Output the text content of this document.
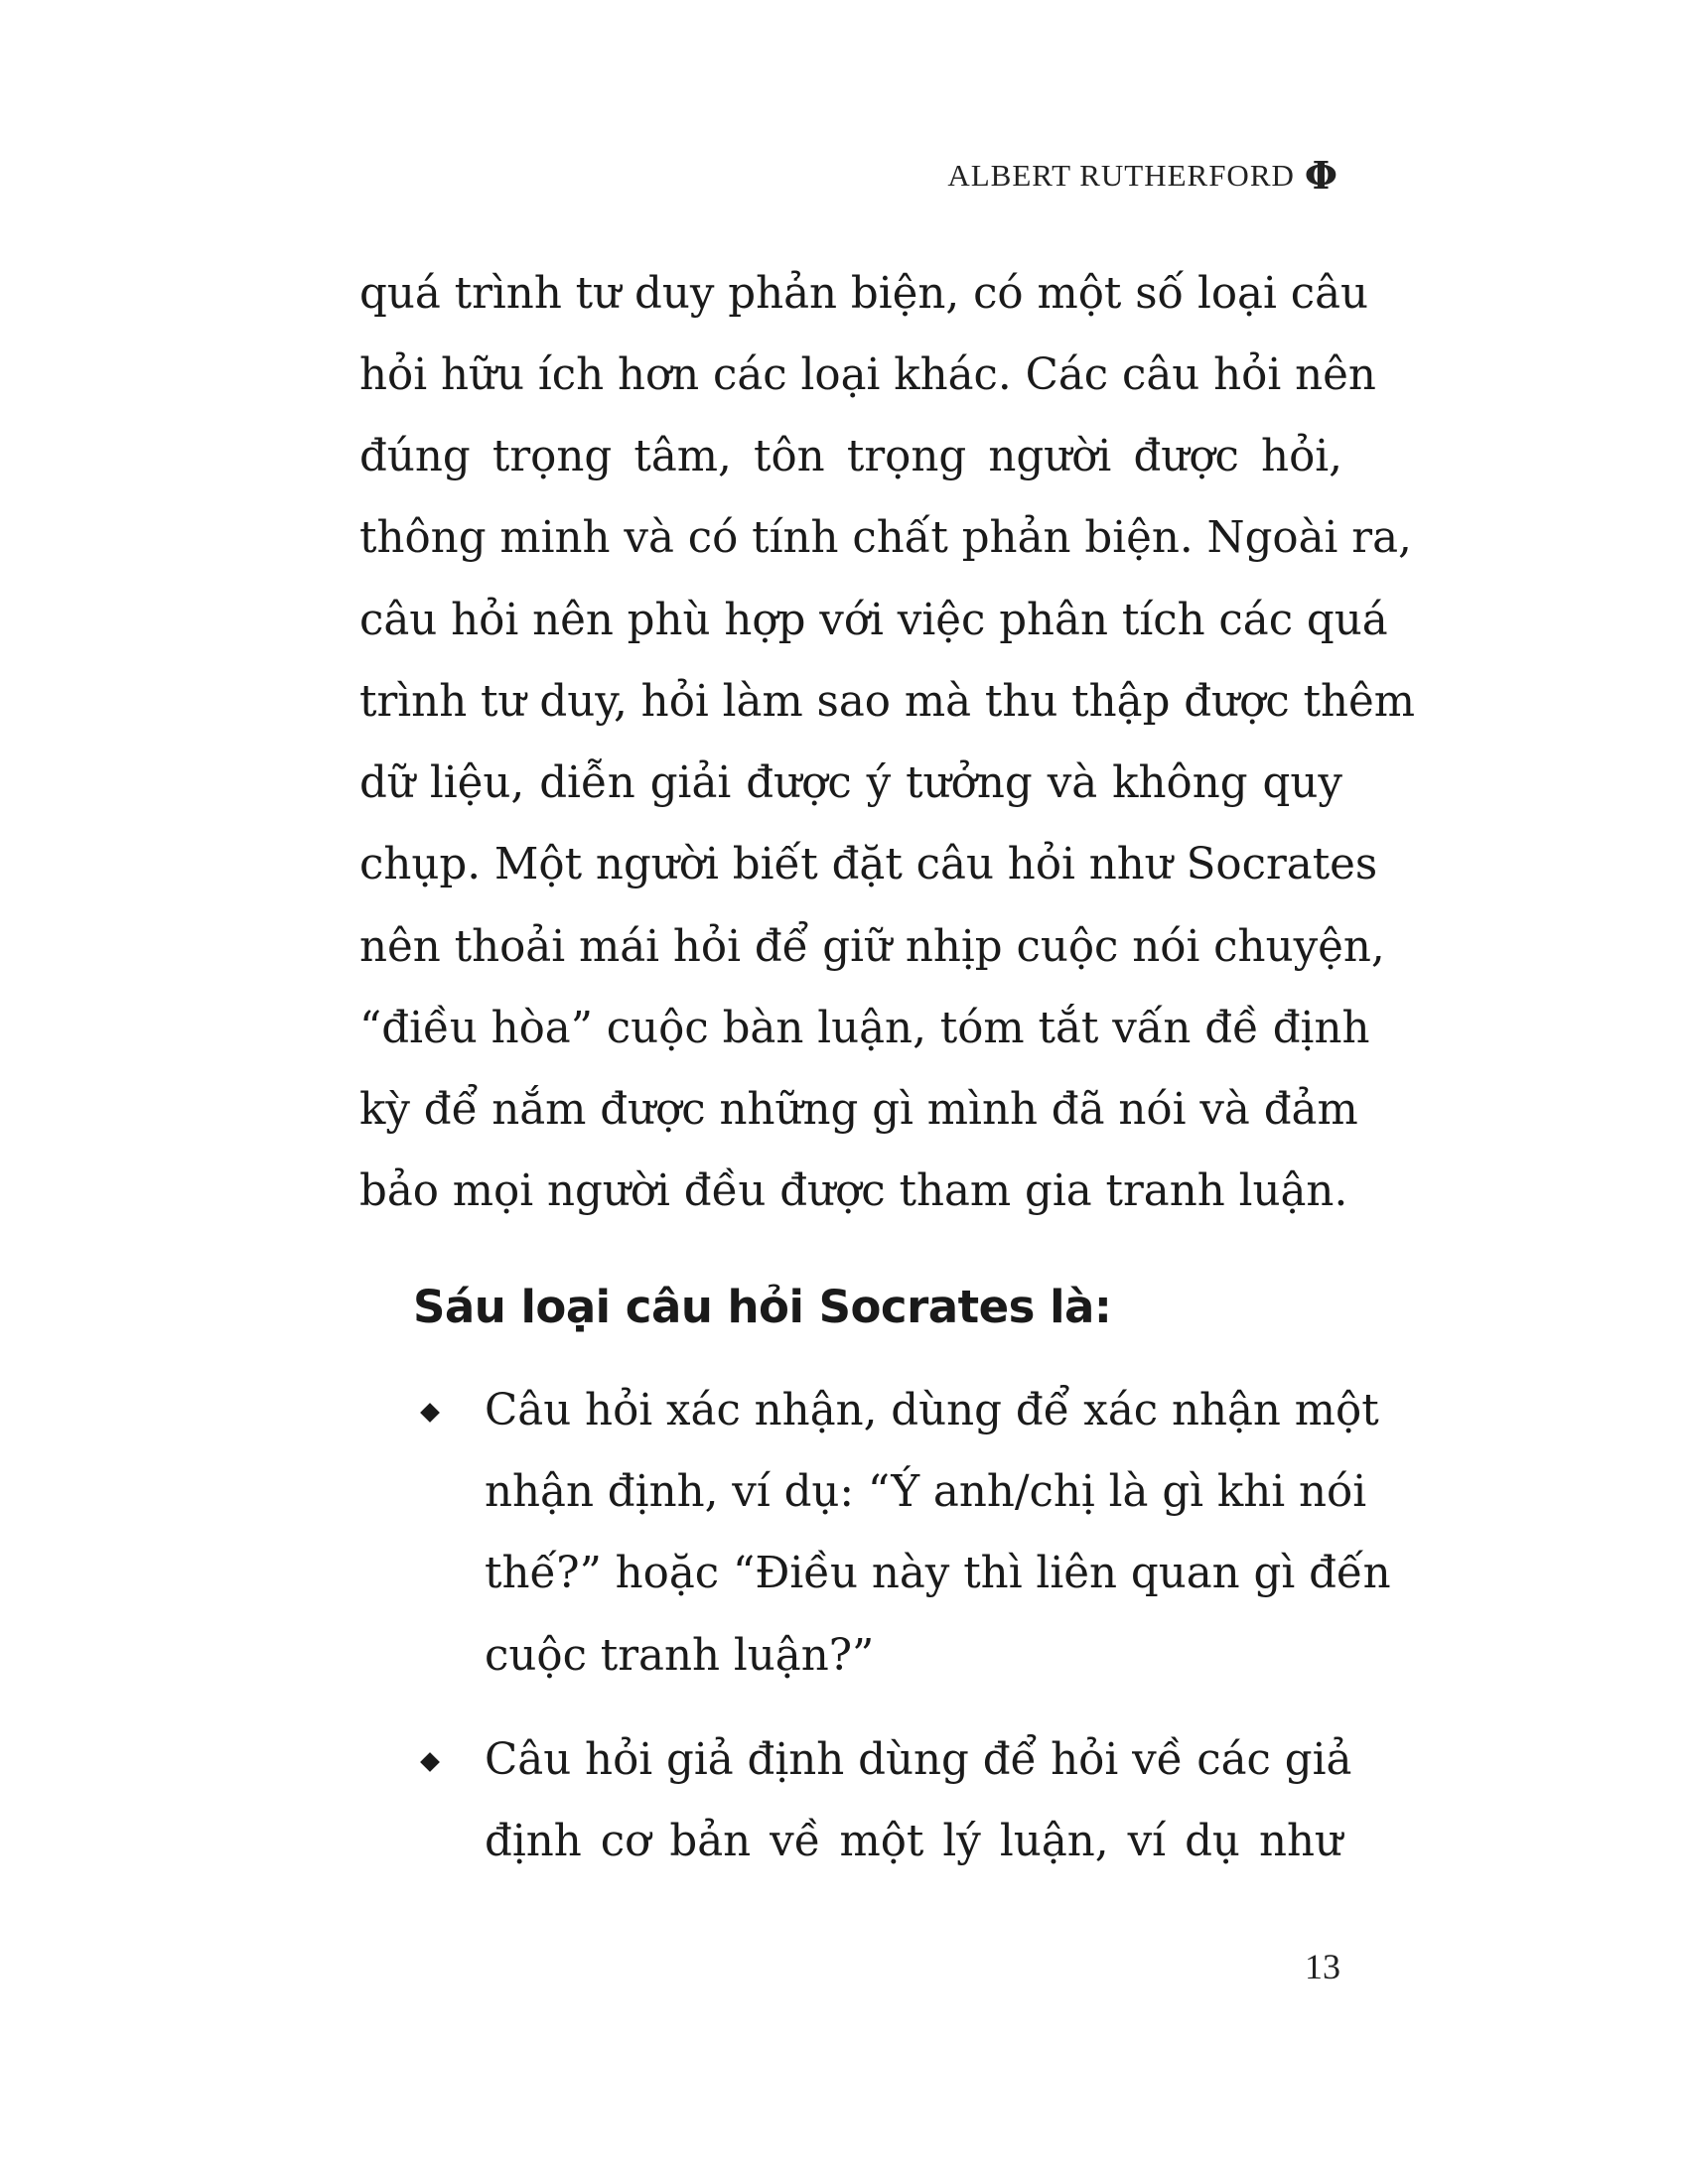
ALBERT RUTHERFORD Φ
quá trình tư duy phản biện, có một số loại câu
hỏi hữu ích hơn các loại khác. Các câu hỏi nên
đúng trọng tâm, tôn trọng người được hỏi,
thông minh và có tính chất phản biện. Ngoài ra,
câu hỏi nên phù hợp với việc phân tích các quá
trình tư duy, hỏi làm sao mà thu thập được thêm
dữ liệu, diễn giải được ý tưởng và không quy
chụp. Một người biết đặt câu hỏi như Socrates
nên thoải mái hỏi để giữ nhịp cuộc nói chuyện,
“điều hòa” cuộc bàn luận, tóm tắt vấn đề định
kỳ để nắm được những gì mình đã nói và đảm
bảo mọi người đều được tham gia tranh luận.
Sáu loại câu hỏi Socrates là:
Câu hỏi xác nhận, dùng để xác nhận một
nhận định, ví dụ: “Ý anh/chị là gì khi nói
thế?” hoặc “Điều này thì liên quan gì đến
cuộc tranh luận?”
Câu hỏi giả định dùng để hỏi về các giả
định cơ bản về một lý luận, ví dụ như
13
